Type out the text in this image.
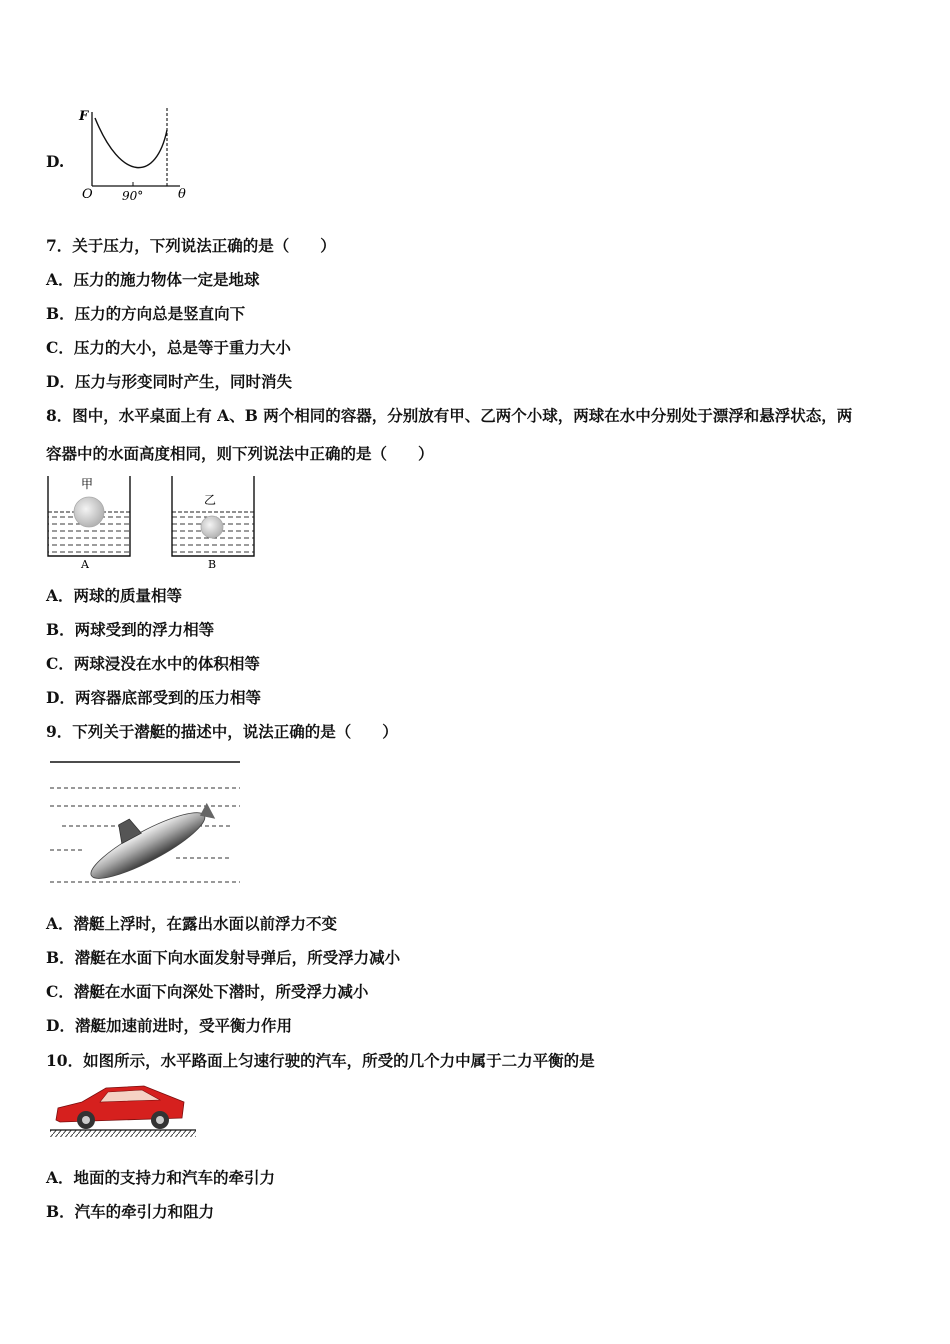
D.
F
O 90°	θ
7．关于压力，下列说法正确的是（　　）
A．压力的施力物体一定是地球
B．压力的方向总是竖直向下
C．压力的大小，总是等于重力大小
D．压力与形变同时产生，同时消失
8．图中，水平桌面上有 A、B 两个相同的容器，分别放有甲、乙两个小球，两球在水中分别处于漂浮和悬浮状态，两
容器中的水面高度相同，则下列说法中正确的是（　　）
甲
A
乙
B
A．两球的质量相等
B．两球受到的浮力相等
C．两球浸没在水中的体积相等
D．两容器底部受到的压力相等
9．下列关于潜艇的描述中，说法正确的是（　　）
A．潜艇上浮时，在露出水面以前浮力不变
B．潜艇在水面下向水面发射导弹后，所受浮力减小
C．潜艇在水面下向深处下潜时，所受浮力减小
D．潜艇加速前进时，受平衡力作用
10．如图所示，水平路面上匀速行驶的汽车，所受的几个力中属于二力平衡的是
A．地面的支持力和汽车的牵引力
B．汽车的牵引力和阻力
